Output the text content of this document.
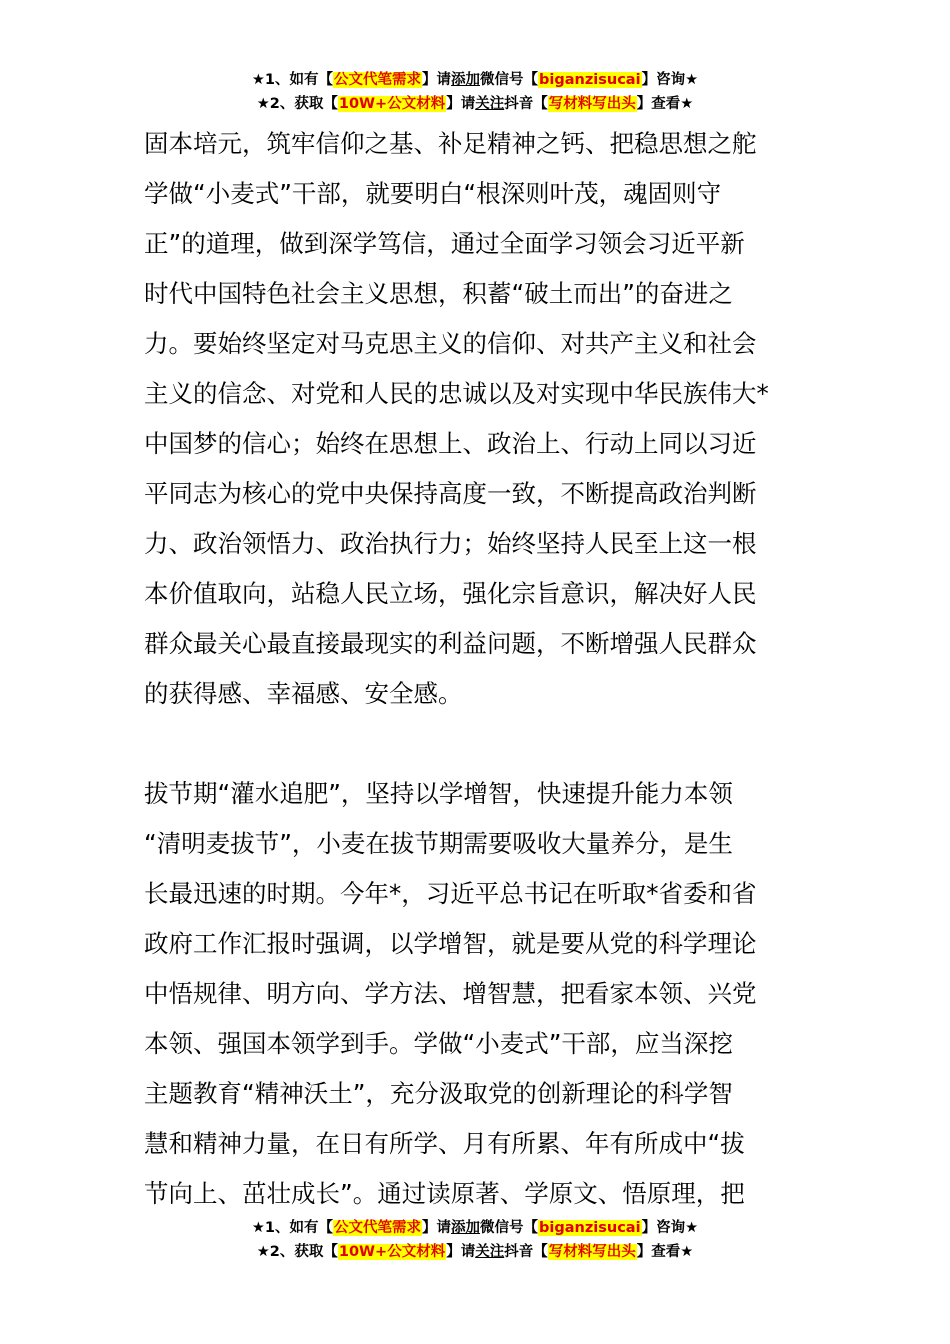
★1、如有【公文代笔需求】请添加微信号【biganzisucai】咨询★
★2、获取【10W+公文材料】请关注抖音【写材料写出头】查看★
固本培元，筑牢信仰之基、补足精神之钙、把稳思想之舵
学做“小麦式”干部，就要明白“根深则叶茂，魂固则守
正”的道理，做到深学笃信，通过全面学习领会习近平新
时代中国特色社会主义思想，积蓄“破土而出”的奋进之
力。要始终坚定对马克思主义的信仰、对共产主义和社会
主义的信念、对党和人民的忠诚以及对实现中华民族伟大*
中国梦的信心；始终在思想上、政治上、行动上同以习近
平同志为核心的党中央保持高度一致，不断提高政治判断
力、政治领悟力、政治执行力；始终坚持人民至上这一根
本价值取向，站稳人民立场，强化宗旨意识，解决好人民
群众最关心最直接最现实的利益问题，不断增强人民群众
的获得感、幸福感、安全感。
拔节期“灌水追肥”，坚持以学增智，快速提升能力本领
“清明麦拔节”，小麦在拔节期需要吸收大量养分，是生
长最迅速的时期。今年*，习近平总书记在听取*省委和省
政府工作汇报时强调，以学增智，就是要从党的科学理论
中悟规律、明方向、学方法、增智慧，把看家本领、兴党
本领、强国本领学到手。学做“小麦式”干部，应当深挖
主题教育“精神沃土”，充分汲取党的创新理论的科学智
慧和精神力量，在日有所学、月有所累、年有所成中“拔
节向上、茁壮成长”。通过读原著、学原文、悟原理，把
★1、如有【公文代笔需求】请添加微信号【biganzisucai】咨询★
★2、获取【10W+公文材料】请关注抖音【写材料写出头】查看★
